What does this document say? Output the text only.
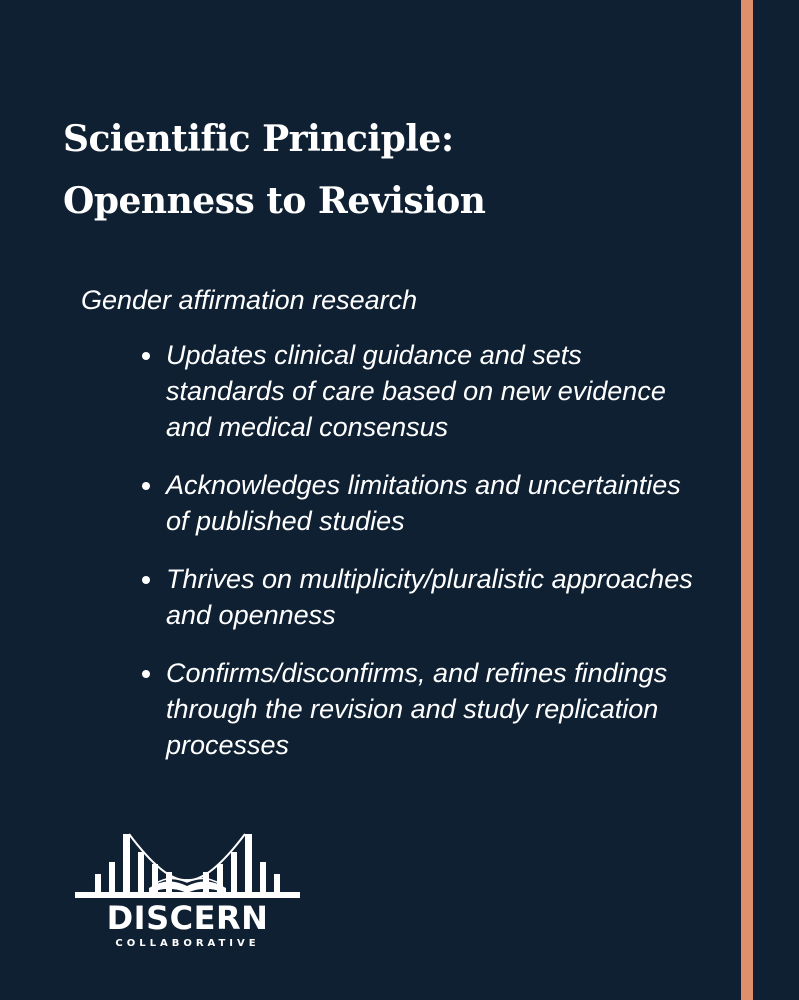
Scientific Principle:
Openness to Revision

Gender affirmation research

Updates clinical guidance and sets standards of care based on new evidence and medical consensus
Acknowledges limitations and uncertainties of published studies
Thrives on multiplicity/pluralistic approaches and openness
Confirms/disconfirms, and refines findings through the revision and study replication processes
DISCERN
COLLABORATIVE
